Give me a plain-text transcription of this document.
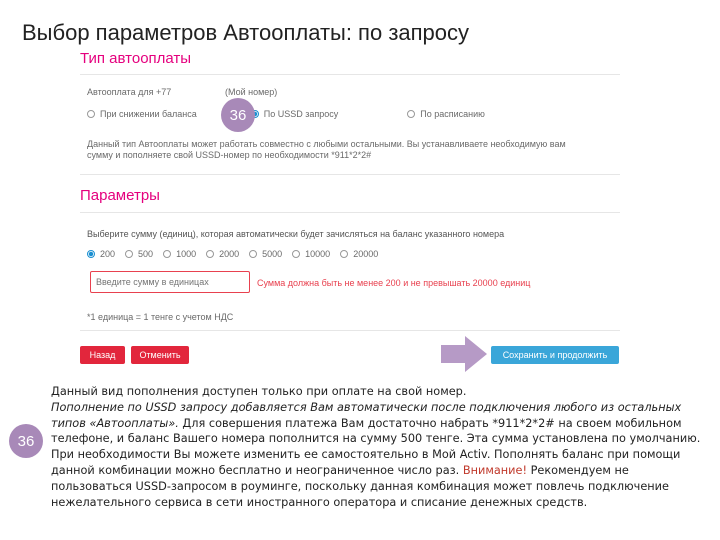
Выбор параметров Автооплаты: по запросу
Тип автооплаты
Автооплата для +77	(Мой номер)
При снижении баланса	По USSD запросу	По расписанию
Данный тип Автооплаты может работать совместно с любыми остальными. Вы устанавливаете необходимую вам
сумму и пополняете свой USSD-номер по необходимости *911*2*2#
Параметры
Выберите сумму (единиц), которая автоматически будет зачисляться на баланс указанного номера
200	500	1000	2000	5000	10000	20000
Введите сумму в единицах
Сумма должна быть не менее 200 и не превышать 20000 единиц
*1 единица = 1 тенге с учетом НДС
Назад	Отменить	Сохранить и продолжить
36
36

Данный вид пополнения доступен только при оплате на свой номер.
Пополнение по USSD запросу добавляется Вам автоматически после подключения любого из остальных типов «Автооплаты». Для совершения платежа Вам достаточно набрать *911*2*2# на своем мобильном телефоне, и баланс Вашего номера пополнится на сумму 500 тенге. Эта сумма установлена по умолчанию. При необходимости Вы можете изменить ее самостоятельно в Мой Activ. Пополнять баланс при помощи данной комбинации можно бесплатно и неограниченное число раз. Внимание! Рекомендуем не пользоваться USSD-запросом в роуминге, поскольку данная комбинация может повлечь подключение нежелательного сервиса в сети иностранного оператора и списание денежных средств.
